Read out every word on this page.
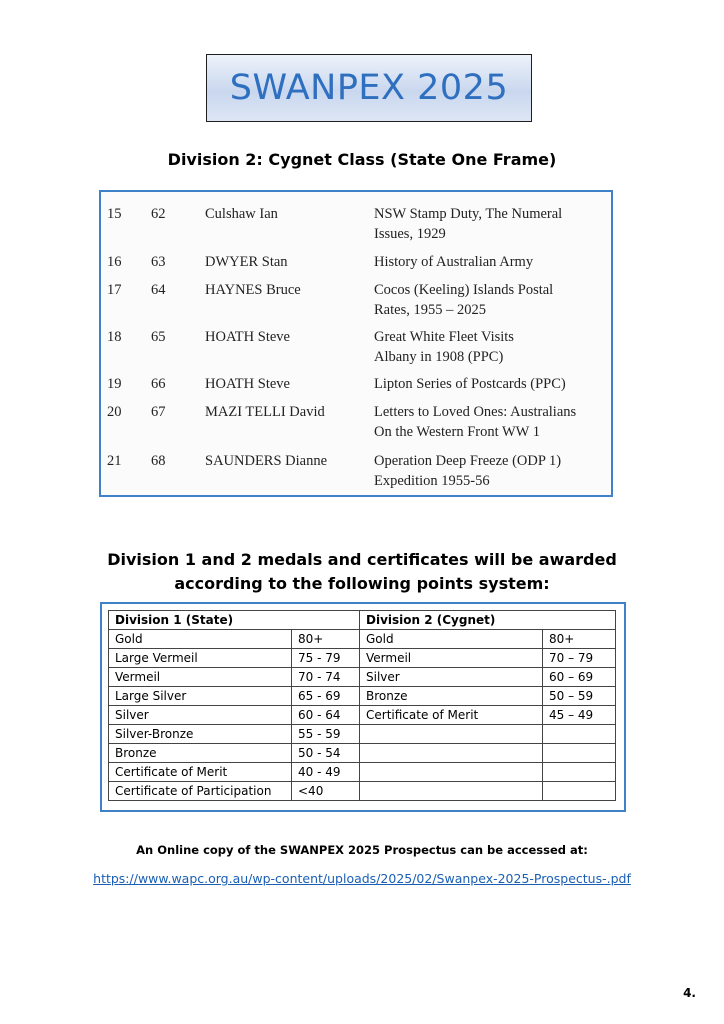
SWANPEX 2025
Division 2: Cygnet Class (State One Frame)
15 62	Culshaw Ian	NSW Stamp Duty, The Numeral
Issues, 1929
16 63	DWYER Stan	History of Australian Army
17 64	HAYNES Bruce	Cocos (Keeling) Islands Postal
Rates, 1955 – 2025
18 65	HOATH Steve	Great White Fleet Visits
Albany in 1908 (PPC)
19 66	HOATH Steve	Lipton Series of Postcards (PPC)
20 67	MAZI TELLI David	Letters to Loved Ones: Australians
On the Western Front WW 1
21 68	SAUNDERS Dianne	Operation Deep Freeze (ODP 1)
Expedition 1955-56
Division 1 and 2 medals and certificates will be awarded
according to the following points system:
Division 1 (State)		Division 2 (Cygnet)	
Gold	80+	Gold	80+
Large Vermeil	75 - 79	Vermeil	70 – 79
Vermeil	70 - 74	Silver	60 – 69
Large Silver	65 - 69	Bronze	50 – 59
Silver	60 - 64	Certificate of Merit	45 – 49
Silver-Bronze	55 - 59		
Bronze	50 - 54		
Certificate of Merit	40 - 49		
Certificate of Participation	<40		
An Online copy of the SWANPEX 2025 Prospectus can be accessed at:
https://www.wapc.org.au/wp-content/uploads/2025/02/Swanpex-2025-Prospectus-.pdf
4.
